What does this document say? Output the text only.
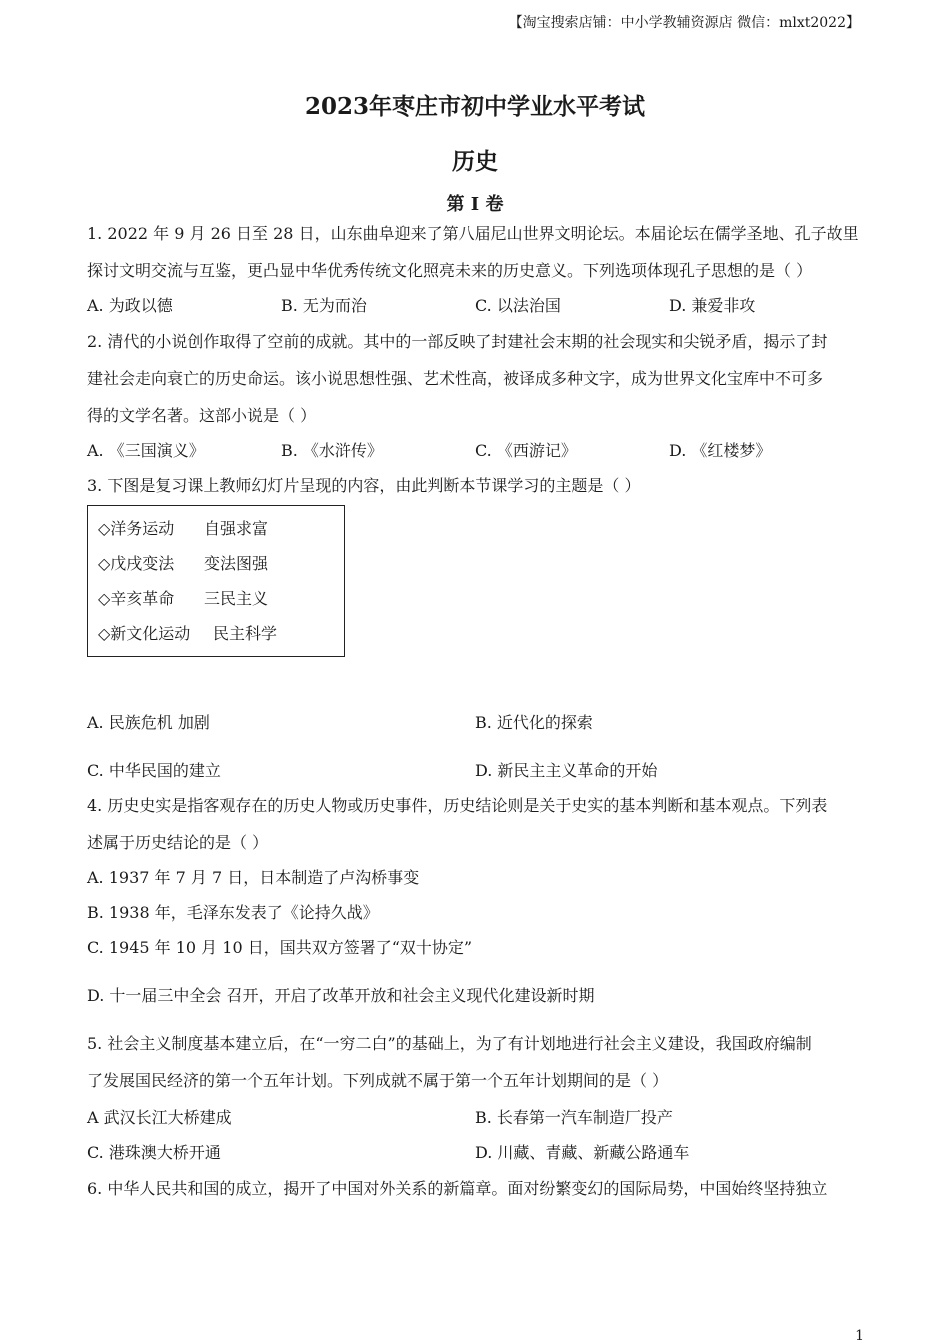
【淘宝搜索店铺：中小学教辅资源店 微信：mlxt2022】
2023年枣庄市初中学业水平考试
历史
第 I 卷
1. 2022 年 9 月 26 日至 28 日，山东曲阜迎来了第八届尼山世界文明论坛。本届论坛在儒学圣地、孔子故里
探讨文明交流与互鉴，更凸显中华优秀传统文化照亮未来的历史意义。下列选项体现孔子思想的是（ ）
A. 为政以德	B. 无为而治	C. 以法治国	D. 兼爱非攻
2. 清代的小说创作取得了空前的成就。其中的一部反映了封建社会末期的社会现实和尖锐矛盾，揭示了封
建社会走向衰亡的历史命运。该小说思想性强、艺术性高，被译成多种文字，成为世界文化宝库中不可多
得的文学名著。这部小说是（ ）
A. 《三国演义》	B. 《水浒传》	C. 《西游记》	D. 《红楼梦》
3. 下图是复习课上教师幻灯片呈现的内容，由此判断本节课学习的主题是（ ）
◇洋务运动 自强求富
◇戊戌变法 变法图强
◇辛亥革命 三民主义
◇新文化运动 民主科学
A. 民族危机 加剧	B. 近代化的探索
C. 中华民国的建立	D. 新民主主义革命的开始
4. 历史史实是指客观存在的历史人物或历史事件，历史结论则是关于史实的基本判断和基本观点。下列表
述属于历史结论的是（ ）
A. 1937 年 7 月 7 日，日本制造了卢沟桥事变
B. 1938 年，毛泽东发表了《论持久战》
C. 1945 年 10 月 10 日，国共双方签署了“双十协定”
D. 十一届三中全会 召开，开启了改革开放和社会主义现代化建设新时期
5. 社会主义制度基本建立后，在“一穷二白”的基础上，为了有计划地进行社会主义建设，我国政府编制
了发展国民经济的第一个五年计划。下列成就不属于第一个五年计划期间的是（ ）
A 武汉长江大桥建成	B. 长春第一汽车制造厂投产
C. 港珠澳大桥开通	D. 川藏、青藏、新藏公路通车
6. 中华人民共和国的成立，揭开了中国对外关系的新篇章。面对纷繁变幻的国际局势，中国始终坚持独立
1
